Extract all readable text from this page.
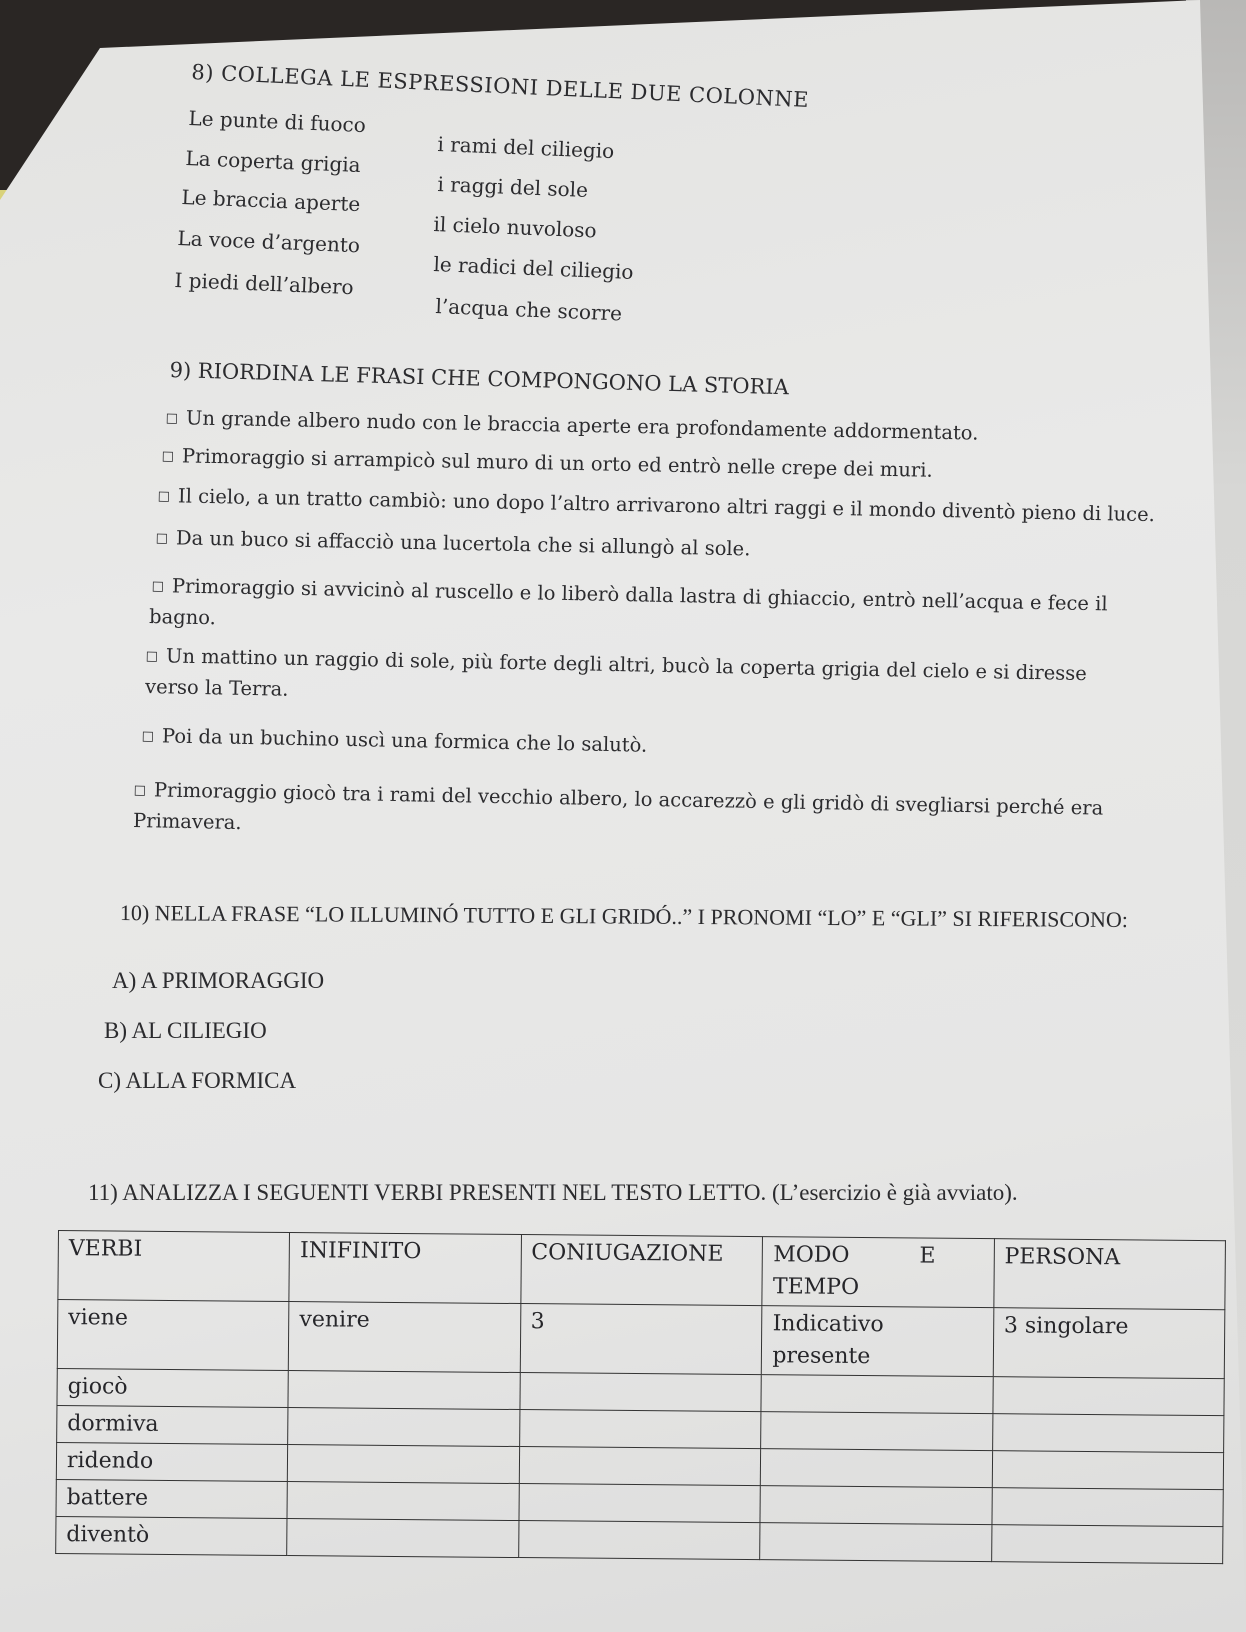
8) COLLEGA LE ESPRESSIONI DELLE DUE COLONNE
Le punte di fuoco
La coperta grigia
Le braccia aperte
La voce d’argento
I piedi dell’albero
i rami del ciliegio
i raggi del sole
il cielo nuvoloso
le radici del ciliegio
l’acqua che scorre
9) RIORDINA LE FRASI CHE COMPONGONO LA STORIA
□ Un grande albero nudo con le braccia aperte era profondamente addormentato.
□ Primoraggio si arrampicò sul muro di un orto ed entrò nelle crepe dei muri.
□ Il cielo, a un tratto cambiò: uno dopo l’altro arrivarono altri raggi e il mondo diventò pieno di luce.
□ Da un buco si affacciò una lucertola che si allungò al sole.
□ Primoraggio si avvicinò al ruscello e lo liberò dalla lastra di ghiaccio, entrò nell’acqua e fece il bagno.
□ Un mattino un raggio di sole, più forte degli altri, bucò la coperta grigia del cielo e si diresse verso la Terra.
□ Poi da un buchino uscì una formica che lo salutò.
□ Primoraggio giocò tra i rami del vecchio albero, lo accarezzò e gli gridò di svegliarsi perché era Primavera.
10) NELLA FRASE “LO ILLUMINÓ TUTTO E GLI GRIDÓ..” I PRONOMI “LO” E “GLI” SI RIFERISCONO:
A) A PRIMORAGGIO
B) AL CILIEGIO
C) ALLA FORMICA
11) ANALIZZA I SEGUENTI VERBI PRESENTI NEL TESTO LETTO. (L’esercizio è già avviato).
VERBI	INIFINITO	CONIUGAZIONE	MODO          E TEMPO	PERSONA
viene	venire	3	Indicativo presente	3 singolare
giocò				
dormiva				
ridendo				
battere				
diventò				
